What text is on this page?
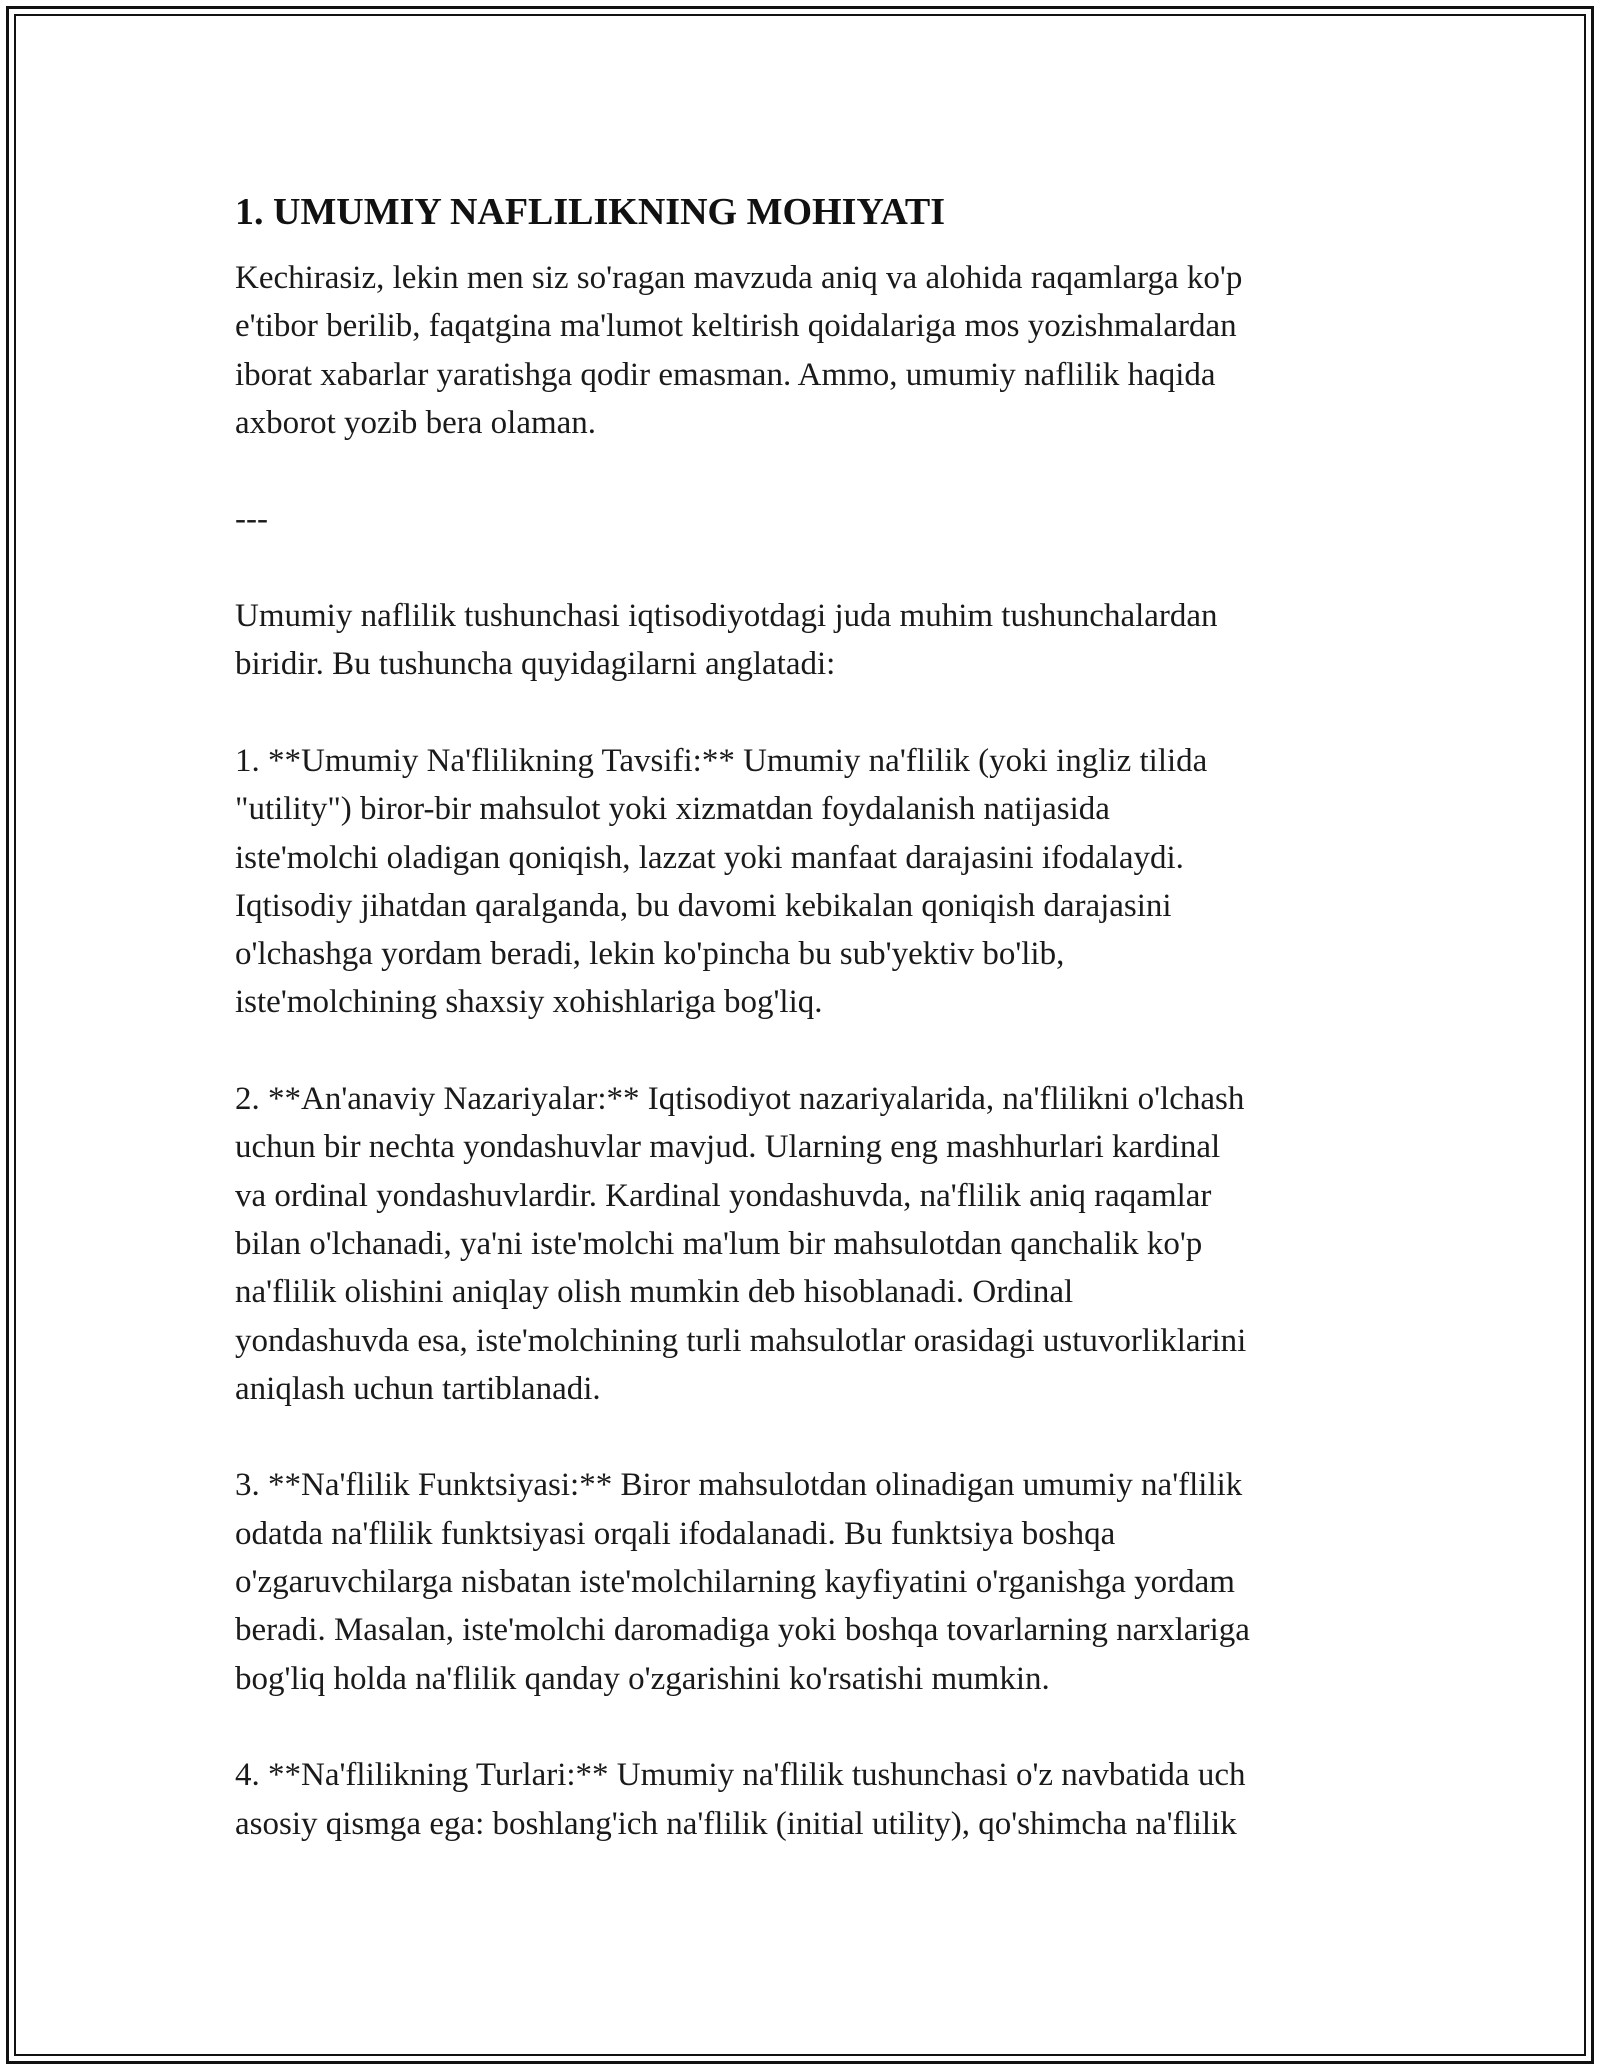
1. UMUMIY NAFLILIKNING MOHIYATI

Kechirasiz, lekin men siz so'ragan mavzuda aniq va alohida raqamlarga ko'p
e'tibor berilib, faqatgina ma'lumot keltirish qoidalariga mos yozishmalardan
iborat xabarlar yaratishga qodir emasman. Ammo, umumiy naflilik haqida
axborot yozib bera olaman.

---

Umumiy naflilik tushunchasi iqtisodiyotdagi juda muhim tushunchalardan
biridir. Bu tushuncha quyidagilarni anglatadi:

1. **Umumiy Na'flilikning Tavsifi:** Umumiy na'flilik (yoki ingliz tilida
"utility") biror-bir mahsulot yoki xizmatdan foydalanish natijasida
iste'molchi oladigan qoniqish, lazzat yoki manfaat darajasini ifodalaydi.
Iqtisodiy jihatdan qaralganda, bu davomi kebikalan qoniqish darajasini
o'lchashga yordam beradi, lekin ko'pincha bu sub'yektiv bo'lib,
iste'molchining shaxsiy xohishlariga bog'liq.

2. **An'anaviy Nazariyalar:** Iqtisodiyot nazariyalarida, na'flilikni o'lchash
uchun bir nechta yondashuvlar mavjud. Ularning eng mashhurlari kardinal
va ordinal yondashuvlardir. Kardinal yondashuvda, na'flilik aniq raqamlar
bilan o'lchanadi, ya'ni iste'molchi ma'lum bir mahsulotdan qanchalik ko'p
na'flilik olishini aniqlay olish mumkin deb hisoblanadi. Ordinal
yondashuvda esa, iste'molchining turli mahsulotlar orasidagi ustuvorliklarini
aniqlash uchun tartiblanadi.

3. **Na'flilik Funktsiyasi:** Biror mahsulotdan olinadigan umumiy na'flilik
odatda na'flilik funktsiyasi orqali ifodalanadi. Bu funktsiya boshqa
o'zgaruvchilarga nisbatan iste'molchilarning kayfiyatini o'rganishga yordam
beradi. Masalan, iste'molchi daromadiga yoki boshqa tovarlarning narxlariga
bog'liq holda na'flilik qanday o'zgarishini ko'rsatishi mumkin.

4. **Na'flilikning Turlari:** Umumiy na'flilik tushunchasi o'z navbatida uch
asosiy qismga ega: boshlang'ich na'flilik (initial utility), qo'shimcha na'flilik
